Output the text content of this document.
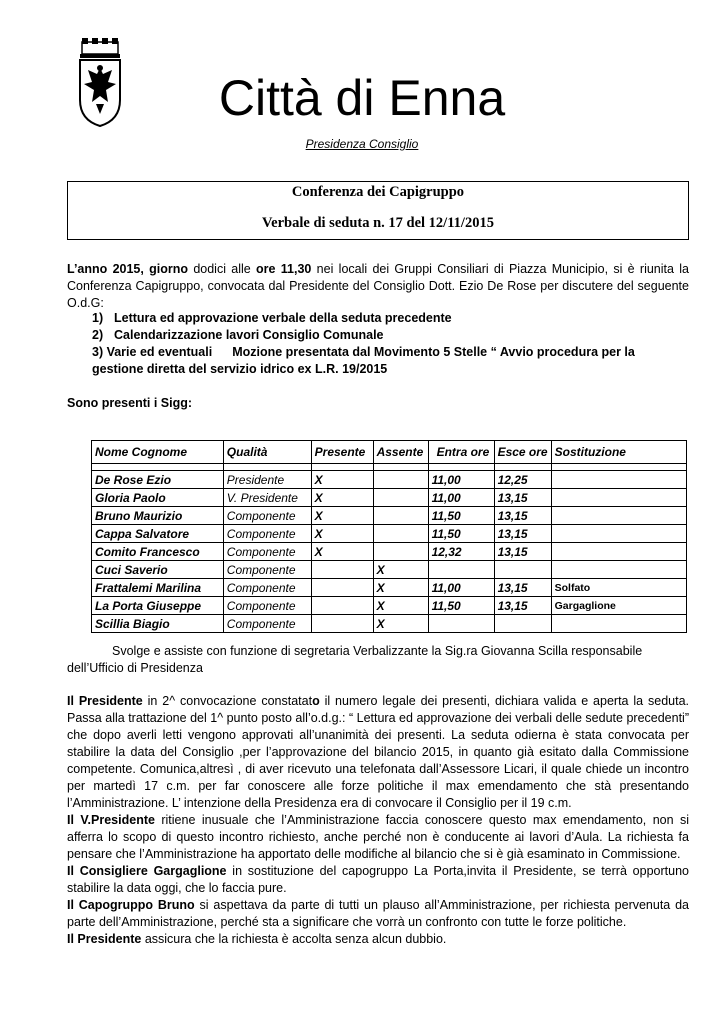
Città di Enna
Presidenza Consiglio
Conferenza dei Capigruppo
Verbale di seduta n. 17 del 12/11/2015
L’anno 2015, giorno dodici alle ore 11,30 nei locali dei Gruppi Consiliari di Piazza Municipio, si è riunita la Conferenza Capigruppo, convocata dal Presidente del Consiglio Dott. Ezio De Rose per discutere del seguente O.d.G:
1) Lettura ed approvazione verbale della seduta precedente
2) Calendarizzazione lavori Consiglio Comunale
3) Varie ed eventuali Mozione presentata dal Movimento 5 Stelle “ Avvio procedura per la gestione diretta del servizio idrico ex L.R. 19/2015
Sono presenti i Sigg:
Nome Cognome	Qualità	Presente	Assente	Entra ore	Esce ore	Sostituzione

De Rose Ezio	Presidente	X		11,00	12,25	
Gloria Paolo	V. Presidente	X		11,00	13,15	
Bruno Maurizio	Componente	X		11,50	13,15	
Cappa Salvatore	Componente	X		11,50	13,15	
Comito Francesco	Componente	X		12,32	13,15	
Cuci Saverio	Componente		X			
Frattalemi Marilina	Componente		X	11,00	13,15	Solfato
La Porta Giuseppe	Componente		X	11,50	13,15	Gargaglione
Scillia Biagio	Componente		X			
Svolge e assiste con funzione di segretaria Verbalizzante la Sig.ra Giovanna Scilla responsabile
dell’Ufficio di Presidenza

Il Presidente in 2^ convocazione constatato il numero legale dei presenti, dichiara valida e aperta la seduta. Passa alla trattazione del 1^ punto posto all’o.d.g.: “ Lettura ed approvazione dei verbali delle sedute precedenti” che dopo averli letti vengono approvati all’unanimità dei presenti. La seduta odierna è stata convocata per stabilire la data del Consiglio ,per l’approvazione del bilancio 2015, in quanto già esitato dalla Commissione competente. Comunica,altresì , di aver ricevuto una telefonata dall’Assessore Licari, il quale chiede un incontro per martedì 17 c.m. per far conoscere alle forze politiche il max emendamento che stà presentando l’Amministrazione. L’ intenzione della Presidenza era di convocare il Consiglio per il 19 c.m.

Il V.Presidente ritiene inusuale che l’Amministrazione faccia conoscere questo max emendamento, non si afferra lo scopo di questo incontro richiesto, anche perché non è conducente ai lavori d’Aula. La richiesta fa pensare che l’Amministrazione ha apportato delle modifiche al bilancio che si è già esaminato in Commissione.

Il Consigliere Gargaglione in sostituzione del capogruppo La Porta,invita il Presidente, se terrà opportuno stabilire la data oggi, che lo faccia pure.

Il Capogruppo Bruno si aspettava da parte di tutti un plauso all’Amministrazione, per richiesta pervenuta da parte dell’Amministrazione, perché sta a significare che vorrà un confronto con tutte le forze politiche.

Il Presidente assicura che la richiesta è accolta senza alcun dubbio.
